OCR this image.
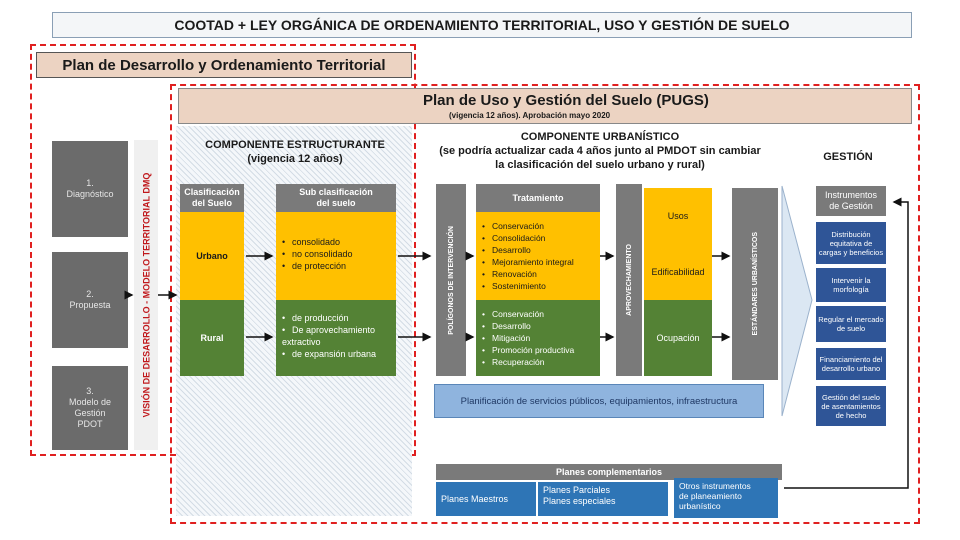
COOTAD + LEY ORGÁNICA DE ORDENAMIENTO TERRITORIAL, USO Y GESTIÓN DE SUELO
Plan de Desarrollo y Ordenamiento Territorial
Plan de Uso y Gestión del Suelo (PUGS)
(vigencia 12 años). Aprobación mayo 2020
1.
Diagnóstico
2.
Propuesta
3.
Modelo de
Gestión
PDOT
VISIÓN DE DESARROLLO - MODELO TERRITORIAL DMQ
COMPONENTE ESTRUCTURANTE
(vigencia 12 años)
Clasificación
del Suelo
Sub clasificación
del suelo
Urbano
Rural
• consolidado
• no consolidado
• de protección
• de producción
• De aprovechamiento extractivo
• de expansión urbana
COMPONENTE URBANÍSTICO
(se podría actualizar cada 4 años junto al PMDOT sin cambiar
la clasificación del suelo urbano y rural)
POLÍGONOS DE INTERVENCIÓN
Tratamiento
• Conservación
• Consolidación
• Desarrollo
• Mejoramiento integral
• Renovación
• Sostenimiento
• Conservación
• Desarrollo
• Mitigación
• Promoción productiva
• Recuperación
APROVECHAMIENTO
Usos
Edificabilidad
Ocupación
ESTÁNDARES URBANÍSTICOS
Planificación de servicios públicos, equipamientos, infraestructura
GESTIÓN
Instrumentos
de Gestión
Distribución
equitativa de
cargas y beneficios
Intervenir la
morfología
Regular el mercado
de suelo
Financiamiento del
desarrollo urbano
Gestión del suelo
de asentamientos
de hecho
Planes complementarios
Planes Maestros
Planes Parciales
Planes especiales
Otros instrumentos
de planeamiento
urbanístico
